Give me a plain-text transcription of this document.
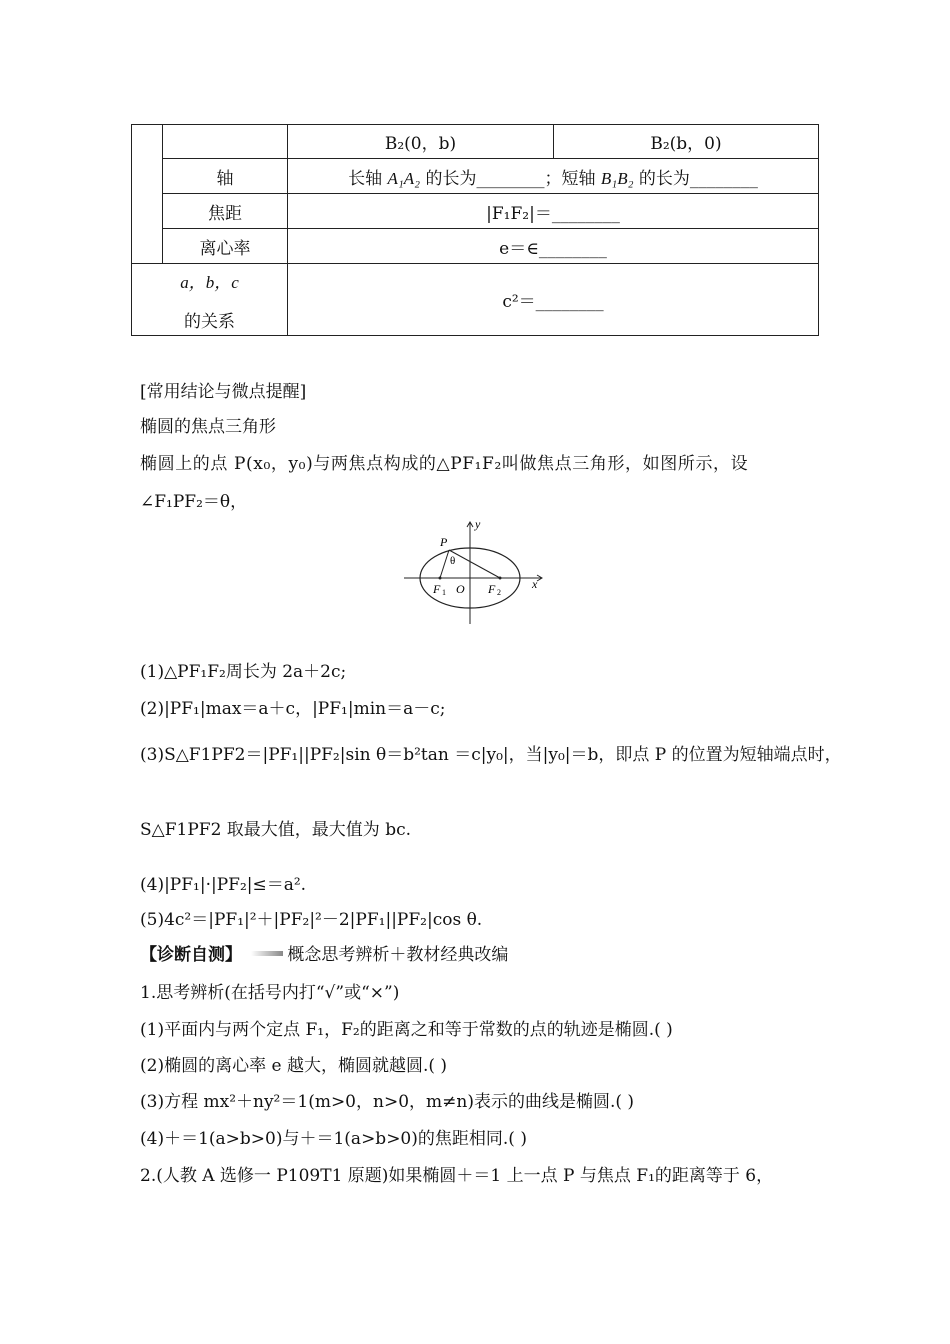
		B₂(0，b)	B₂(b，0)
	轴	长轴 A₁A₂ 的长为________；短轴 B₁B₂ 的长为________	
	焦距	|F₁F₂|＝________	
	离心率	e＝∈________	

a，b，c
的关系		c²＝________	
[常用结论与微点提醒]
椭圆的焦点三角形
椭圆上的点 P(x₀，y₀)与两焦点构成的△PF₁F₂叫做焦点三角形，如图所示，设
∠F₁PF₂＝θ，
P
θ
F 1 O F 2
x
y
(1)△PF₁F₂周长为 2a＋2c;
(2)|PF₁|max＝a＋c，|PF₁|min＝a－c;
(3)S△F1PF2＝|PF₁||PF₂|sin θ＝b²tan ＝c|y₀|，当|y₀|＝b，即点 P 的位置为短轴端点时，
S△F1PF2 取最大值，最大值为 bc.
(4)|PF₁|·|PF₂|≤＝a².
(5)4c²＝|PF₁|²＋|PF₂|²－2|PF₁||PF₂|cos θ.
【诊断自测】	概念思考辨析＋教材经典改编
1.思考辨析(在括号内打“√”或“×”)
(1)平面内与两个定点 F₁，F₂的距离之和等于常数的点的轨迹是椭圆.( )
(2)椭圆的离心率 e 越大，椭圆就越圆.( )
(3)方程 mx²＋ny²＝1(m>0，n>0，m≠n)表示的曲线是椭圆.( )
(4)＋＝1(a>b>0)与＋＝1(a>b>0)的焦距相同.( )
2.(人教 A 选修一 P109T1 原题)如果椭圆＋＝1 上一点 P 与焦点 F₁的距离等于 6，
